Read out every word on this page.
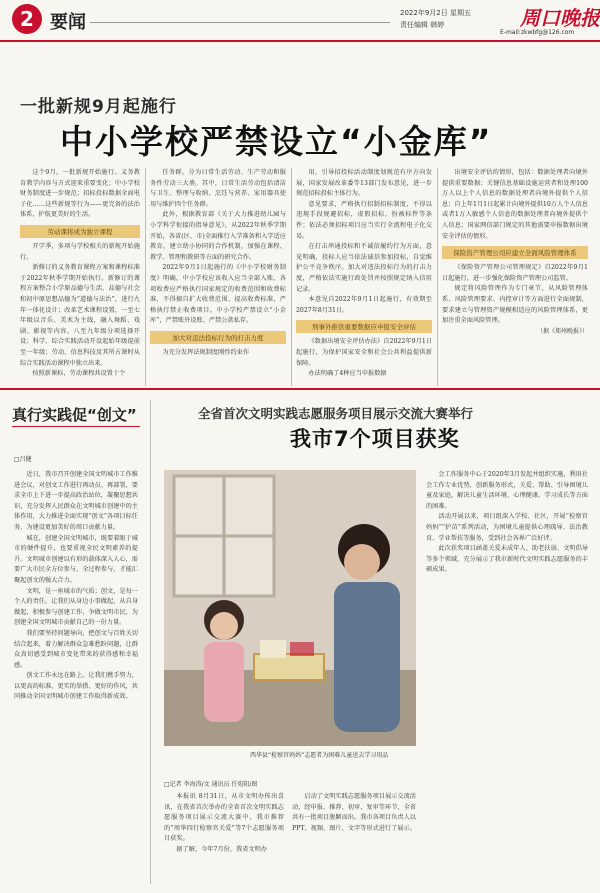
2 要闻	2022年9月2日 星期五
责任编辑 韩婷	周口晚报
E-mail:zkwbfg@126.com
一批新规9月起施行
中小学校严禁设立“小金库”

这个9月，一批新规开始施行。义务教育教学内容与方式迎来重要变化；中小学校财务制度进一步规范；招标投标数据全面电子化……这些新规等行为——更完备的法治体系，护航更美好的生活。

劳动课将成为独立课程

开学季，多项与学校相关的新规开始施行。

新修订的义务教育课程方案和课程标准于2022年秋季学期开始执行。新修订的课程方案整合小学原品德与生活、品德与社会和初中原思想品德为“道德与法治”，进行九年一体化设计；改革艺术课程设置，一至七年级以音乐、美术为主线，融入舞蹈、戏剧、影视等内容，八至九年级分项选择开设；科学、综合实践活动开设起始年级提前至一年级；劳动、信息科技及其所占课时从综合实践活动课程中独立出来。

按照新课标，劳动课程共设置十个

任务群，分为日常生活劳动、生产劳动和服务性劳动三大类。其中，日常生活劳动包括清洁与卫生、整理与收纳、烹饪与营养、家用器具使用与维护四个任务群。

此外，根据教育部《关于大力推进幼儿园与小学科学衔接的指导意见》，从2022年秋季学期开始，各省(区、市)全面推行入学准备和入学适应教育，建立幼小协同的合作机制，加强在课程、教学、管理和教研等方面的研究合作。

2022年9月1日起施行的《中小学校财务制度》明确，中小学校应该收入应当全部入账，各项收费应严格执行国家规定的收费范围和收费标准，不得擅自扩大收费范围、提高收费标准，严格执行禁止收费项目。中小学校严禁设立“小金库”，严禁账外设账、严禁公款私存。

加大对违法投标行为的打击力度

为充分发挥法规制度刚性约束作

用，引导招投标活动制度划规范有序方向发展，国家发展改革委等13部门发布意见，进一步规范招标投标主体行为。

意见要求，严格执行招制招标制度，不得以违规手段规避招标，虚假招标，扮被标件等条件；依法必须招标项目应当实行全流程电子化交易。

在打击串通投标和不诚信履约行为方面，意见明确，投标人应当依法诚信参加投标，自觉维护公平竞争秩序。加大对违法投标行为的打击力度，严格依法实施行政处罚并按照规定纳入信用记录。

本意见自2022年9月1日起施行，有效期至2027年8月31日。

刑事外推供重要数据应申报安全评估

《数据出境安全评估办法》自2022年9月1日起施行，为保护国家安全和社会公共利益提供新保障。

办法明确了4种应当申报数据

出境安全评估的情形，包括：数据处理者向境外提供重要数据；关键信息基础设施运营者和处理100万人以上个人信息的数据处理者向境外提供个人信息；自上年1月1日起累计向境外提供10万人个人信息或者1万人敏感个人信息的数据处理者向境外提供个人信息；国家网信部门规定的其他需要申报数据出境安全评估的情形。

保险资产管理公司应建立全面风险管理体系

《保险资产管理公司管理规定》自2022年9月1日起施行，进一步强化保险资产管理公司监管。

规定将风险管理作为专门章节，从风险管理体系、风险管理要求、内控审计等方面进行全面规制，要求建立与管理资产规模相适应的风险管理体系，更加注重全面风险管理。

（据《郑州晚报》）
真行实践促“创文”
□吕健

近日，我市召开创建全国文明城市工作推进会议，对创文工作进行再动员、再部署，要求全市上下进一步提高政治站位，凝聚思想共识，充分发挥人民群众在文明城市创建中的主体作用，大力推进全面实现“创文”各项目标任务，为建设更加美好的周口贡献力量。

城在，创建全国文明城市，既要着眼于城市的硬件提升，也要重视全民文明素养的提升。文明城市创建以有形的载体深入人心，需要广大市民全方位参与、全过程参与，才能汇聚起创文的强大合力。

文明，是一座城市的气质；创文，是每一个人的责任。让我们从身边小事做起，从自身做起，积极参与创建工作，争做文明市民，为创建全国文明城市贡献自己的一份力量。

我们要坚持问题导向，把创文与百姓关切结合起来，着力解决群众急难愁盼问题，让群众真切感受到城市变化带来的获得感和幸福感。

创文工作永远在路上。让我们携手努力，以更高的标准、更实的举措、更好的作风，共同推动全国文明城市创建工作取得新成效。

全省首次文明实践志愿服务项目展示交流大赛举行
我市7个项目获奖
西华县“检察官妈妈”志愿者为困难儿童送去学习用品
□记者 李海涛/文 通讯员 任宛阳/图

本报讯 8月31日，从市文明办传出喜讯，在我省首次举办的全省首次文明实践志愿服务项目展示交流大赛中，我市推荐的“周华四行检察官关爱”等7个志愿服务项目获奖。

据了解，今年7月份，我省文明办

启动了文明实践志愿服务项目展示交流活动，经申报、推荐、初审、复审等环节，全省共有一批项目脱颖而出。我市各项目负责人以PPT、视频、图片、文字等形式进行了展示。

会工作服务中心于2020年3月发起并组织实施，利用社会工作专业优势，创新服务形式，关爱、帮助、引导困境儿童及家庭，解决儿童生活环境、心理健康、学习成长等方面的困难。

活动开展以来，项目组深入学校、社区，开展“检察官妈妈”“护苗”系列活动，为困境儿童提供心理疏导、法治教育、学业帮扶等服务，受到社会各界广泛好评。

此次获奖项目涵盖关爱未成年人、助老扶弱、文明倡导等多个领域，充分展示了我市新时代文明实践志愿服务的丰硕成果。
